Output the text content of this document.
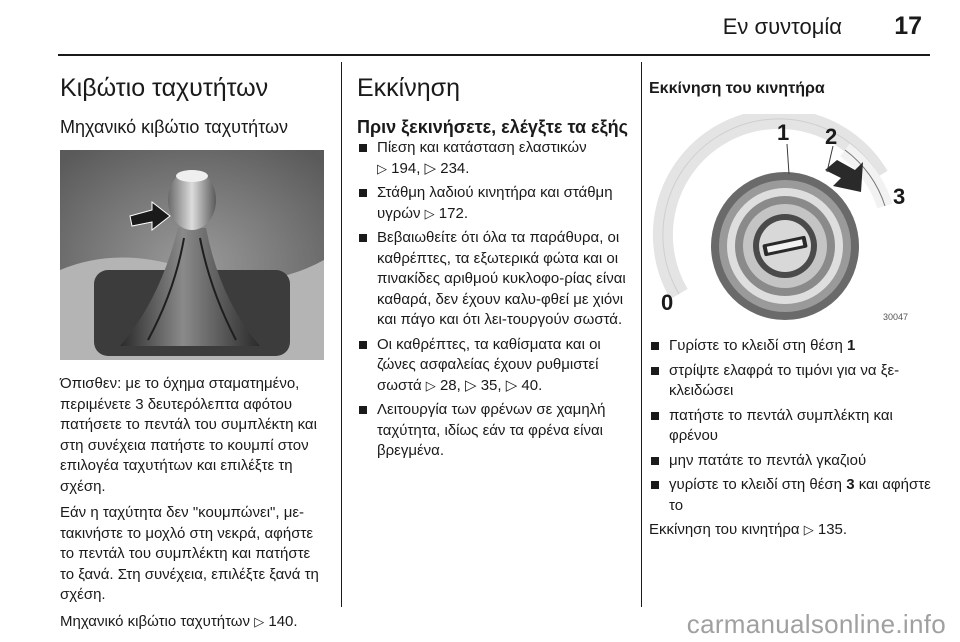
Εν συντομία 17
Κιβώτιο ταχυτήτων
Μηχανικό κιβώτιο ταχυτήτων

Όπισθεν: με το όχημα σταματημένο, περιμένετε 3 δευτερόλεπτα αφότου πατήσετε το πεντάλ του συμπλέκτη και στη συνέχεια πατήστε το κουμπί στον επιλογέα ταχυτήτων και επιλέξτε τη σχέση.

Εάν η ταχύτητα δεν "κουμπώνει", με-τακινήστε το μοχλό στη νεκρά, αφήστε το πεντάλ του συμπλέκτη και πατήστε το ξανά. Στη συνέχεια, επιλέξτε ξανά τη σχέση.

Μηχανικό κιβώτιο ταχυτήτων ▷ 140.

Εκκίνηση
Πριν ξεκινήσετε, ελέγξτε τα εξής
Πίεση και κατάσταση ελαστικών
▷ 194, ▷ 234.
Στάθμη λαδιού κινητήρα και στάθμη υγρών ▷ 172.
Βεβαιωθείτε ότι όλα τα παράθυρα, οι καθρέπτες, τα εξωτερικά φώτα και οι πινακίδες αριθμού κυκλοφο-ρίας είναι καθαρά, δεν έχουν καλυ-φθεί με χιόνι και πάγο και ότι λει-τουργούν σωστά.
Οι καθρέπτες, τα καθίσματα και οι ζώνες ασφαλείας έχουν ρυθμιστεί σωστά ▷ 28, ▷ 35, ▷ 40.
Λειτουργία των φρένων σε χαμηλή ταχύτητα, ιδίως εάν τα φρένα είναι βρεγμένα.
Εκκίνηση του κινητήρα
1 2
3
0
30047
Γυρίστε το κλειδί στη θέση 1
στρίψτε ελαφρά το τιμόνι για να ξε-κλειδώσει
πατήστε το πεντάλ συμπλέκτη και φρένου
μην πατάτε το πεντάλ γκαζιού
γυρίστε το κλειδί στη θέση 3 και αφήστε το

Εκκίνηση του κινητήρα ▷ 135.

carmanualsonline.info
